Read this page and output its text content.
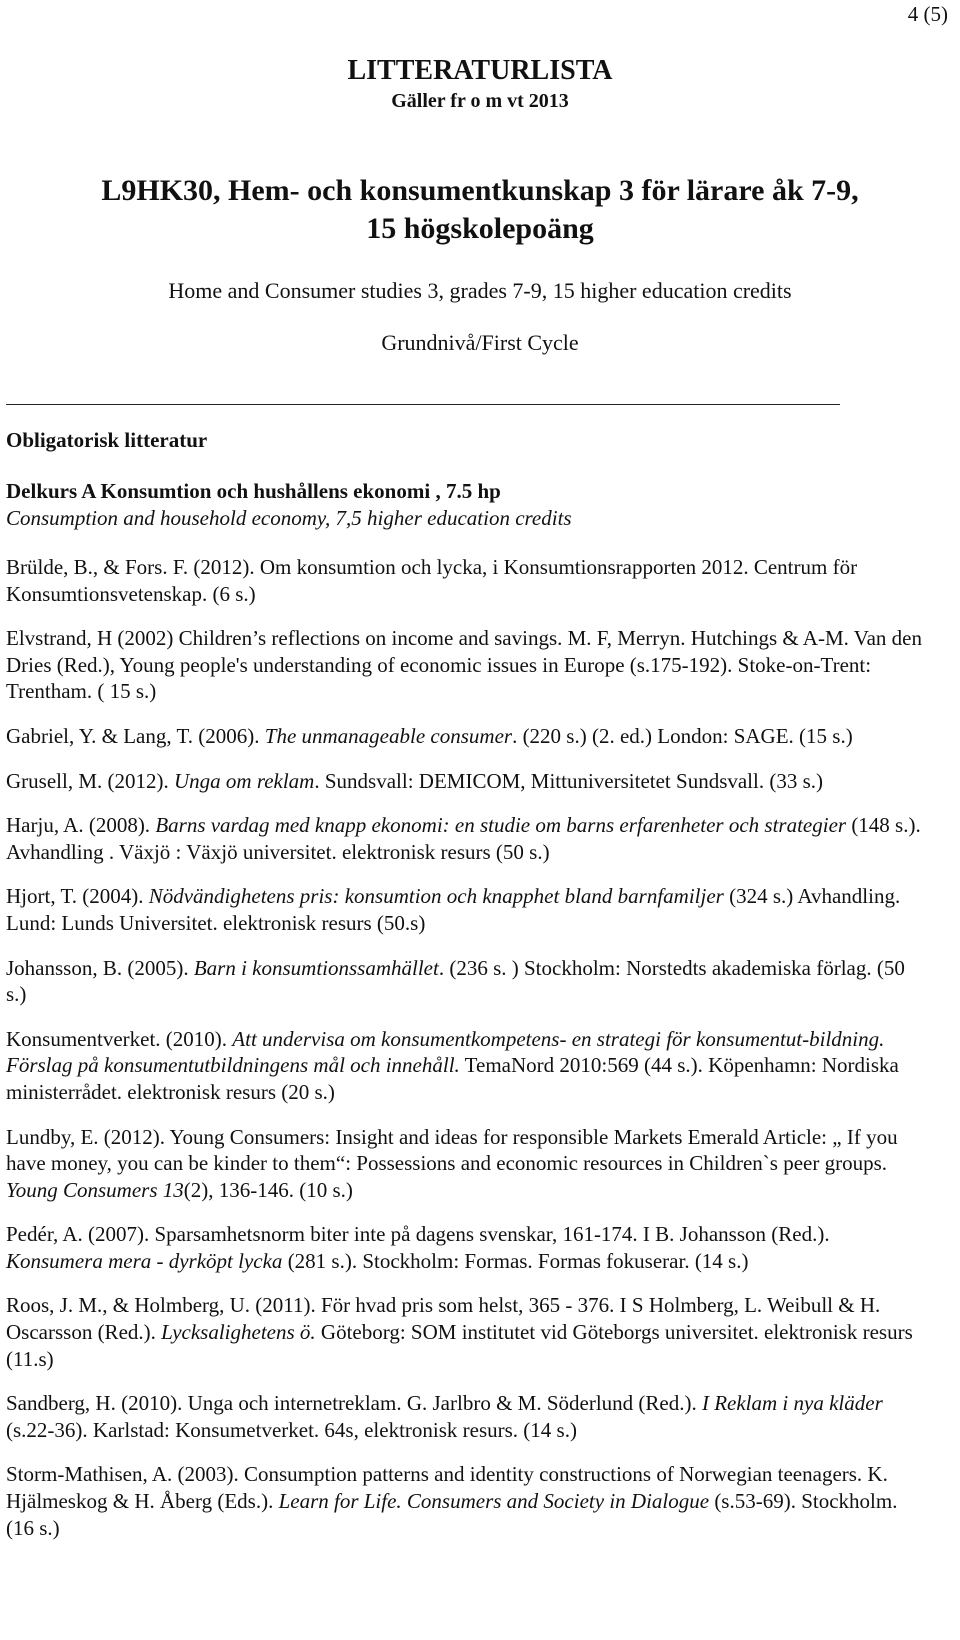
4 (5)
LITTERATURLISTA
Gäller fr o m vt 2013
L9HK30, Hem- och konsumentkunskap 3 för lärare åk 7-9,
15 högskolepoäng
Home and Consumer studies 3, grades 7-9, 15 higher education credits
Grundnivå/First Cycle
Obligatorisk litteratur
Delkurs A Konsumtion och hushållens ekonomi , 7.5 hp
Consumption and household economy, 7,5 higher education credits

Brülde, B., & Fors. F. (2012). Om konsumtion och lycka, i Konsumtionsrapporten 2012. Centrum för Konsumtionsvetenskap. (6 s.)

Elvstrand, H (2002) Children’s reflections on income and savings. M. F, Merryn. Hutchings & A-M. Van den Dries (Red.), Young people's understanding of economic issues in Europe (s.175-192). Stoke-on-Trent: Trentham. ( 15 s.)

Gabriel, Y. & Lang, T. (2006). The unmanageable consumer. (220 s.) (2. ed.) London: SAGE. (15 s.)

Grusell, M. (2012). Unga om reklam. Sundsvall: DEMICOM, Mittuniversitetet Sundsvall. (33 s.)

Harju, A. (2008). Barns vardag med knapp ekonomi: en studie om barns erfarenheter och strategier (148 s.). Avhandling . Växjö : Växjö universitet. elektronisk resurs (50 s.)

Hjort, T. (2004). Nödvändighetens pris: konsumtion och knapphet bland barnfamiljer (324 s.) Avhandling. Lund: Lunds Universitet. elektronisk resurs (50.s)

Johansson, B. (2005). Barn i konsumtionssamhället. (236 s. ) Stockholm: Norstedts akademiska förlag. (50 s.)

Konsumentverket. (2010). Att undervisa om konsumentkompetens- en strategi för konsumentut-bildning. Förslag på konsumentutbildningens mål och innehåll. TemaNord 2010:569 (44 s.). Köpenhamn: Nordiska ministerrådet. elektronisk resurs (20 s.)

Lundby, E. (2012). Young Consumers: Insight and ideas for responsible Markets Emerald Article: „ If you have money, you can be kinder to them“: Possessions and economic resources in Children`s peer groups. Young Consumers 13(2), 136-146. (10 s.)

Pedér, A. (2007). Sparsamhetsnorm biter inte på dagens svenskar, 161-174. I B. Johansson (Red.). Konsumera mera - dyrköpt lycka (281 s.). Stockholm: Formas. Formas fokuserar. (14 s.)

Roos, J. M., & Holmberg, U. (2011). För hvad pris som helst, 365 - 376. I S Holmberg, L. Weibull & H. Oscarsson (Red.). Lycksalighetens ö. Göteborg: SOM institutet vid Göteborgs universitet. elektronisk resurs (11.s)

Sandberg, H. (2010). Unga och internetreklam. G. Jarlbro & M. Söderlund (Red.). I Reklam i nya kläder (s.22-36). Karlstad: Konsumetverket. 64s, elektronisk resurs. (14 s.)

Storm-Mathisen, A. (2003). Consumption patterns and identity constructions of Norwegian teenagers. K. Hjälmeskog & H. Åberg (Eds.). Learn for Life. Consumers and Society in Dialogue (s.53-69). Stockholm. (16 s.)
